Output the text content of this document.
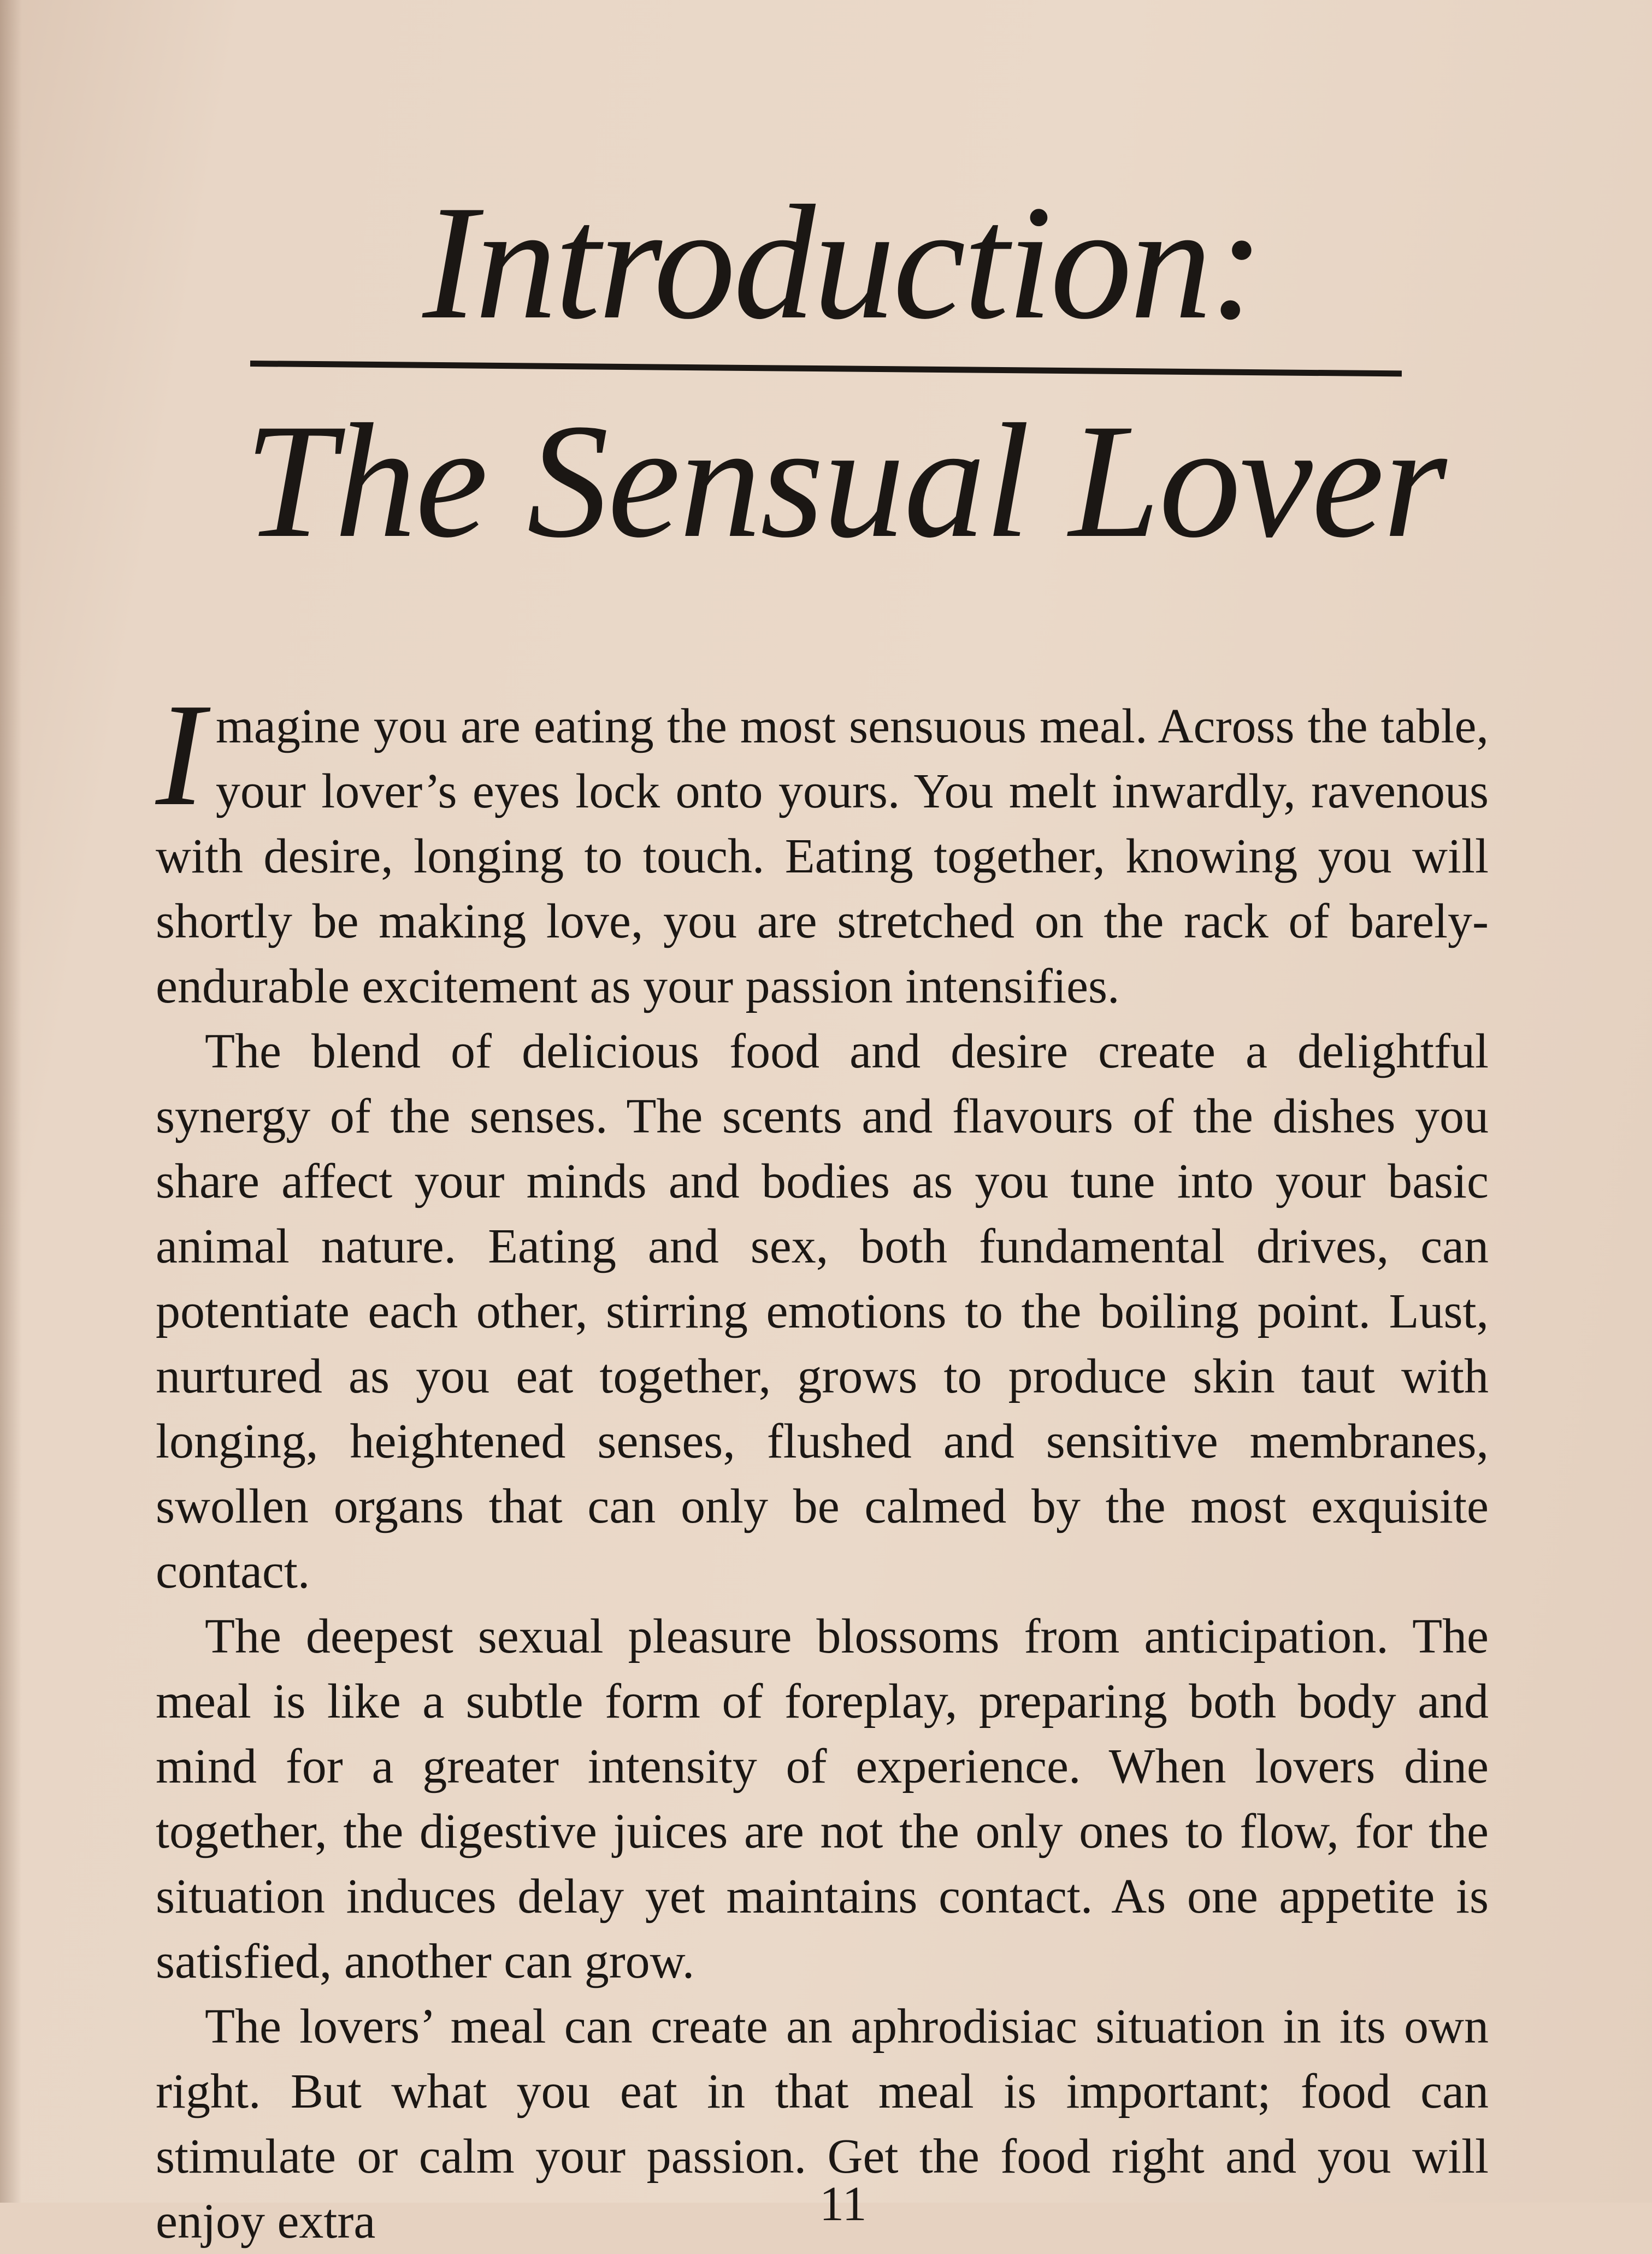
Introduction:
The Sensual Lover

I magine you are eating the most sensuous meal. Across the table, your lover’s eyes lock onto yours. You melt inwardly, ravenous with desire, longing to touch. Eating together, knowing you will shortly be making love, you are stretched on the rack of barely-endurable excitement as your passion intensifies.

The blend of delicious food and desire create a delightful synergy of the senses. The scents and flavours of the dishes you share affect your minds and bodies as you tune into your basic animal nature. Eating and sex, both fundamental drives, can potentiate each other, stirring emotions to the boiling point. Lust, nurtured as you eat together, grows to produce skin taut with longing, heightened senses, flushed and sensitive membranes, swollen organs that can only be calmed by the most exquisite contact.

The deepest sexual pleasure blossoms from anticipation. The meal is like a subtle form of foreplay, preparing both body and mind for a greater intensity of experience. When lovers dine together, the digestive juices are not the only ones to flow, for the situation induces delay yet maintains contact. As one appetite is satisfied, another can grow.

The lovers’ meal can create an aphrodisiac situation in its own right. But what you eat in that meal is important; food can stimulate or calm your passion. Get the food right and you will enjoy extra	11
